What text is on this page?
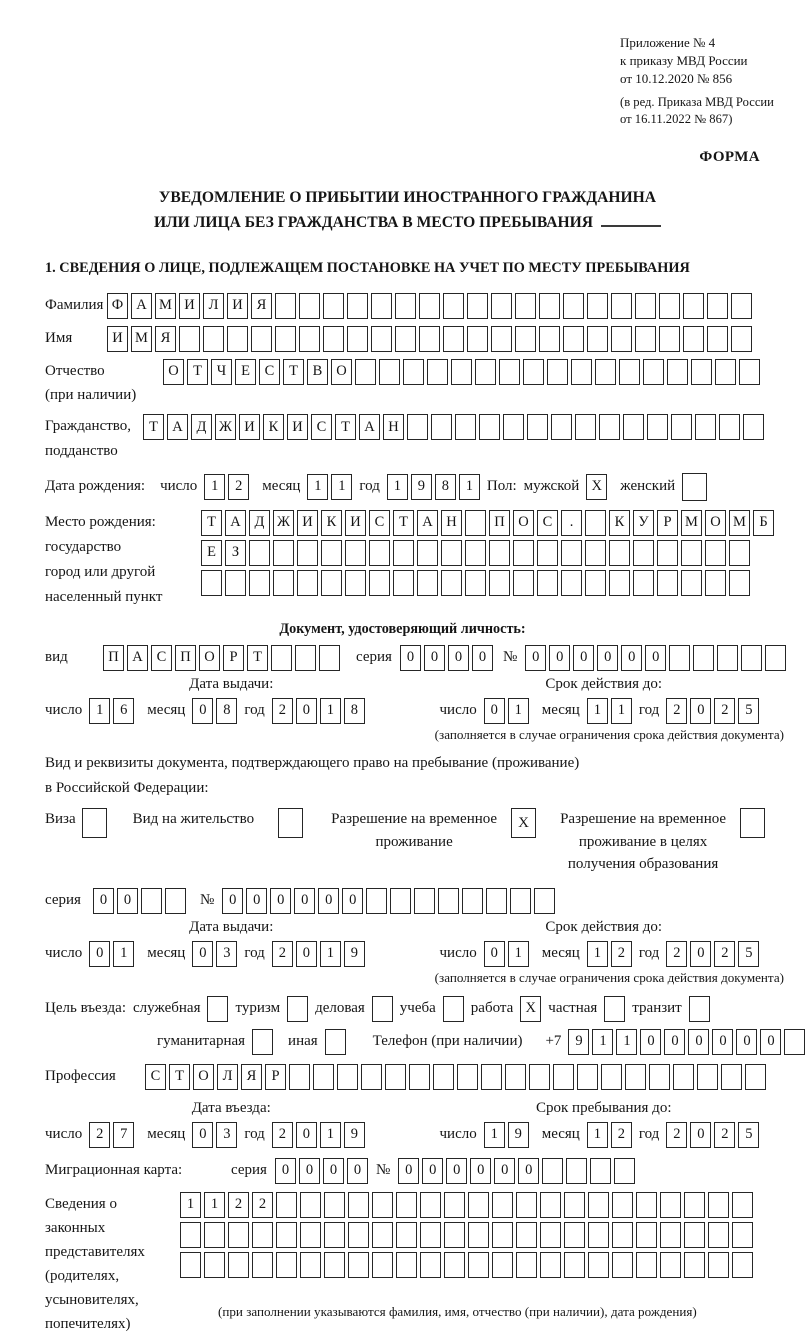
Приложение № 4
к приказу МВД России
от 10.12.2020 № 856
(в ред. Приказа МВД России
от 16.11.2022 № 867)
ФОРМА
УВЕДОМЛЕНИЕ О ПРИБЫТИИ ИНОСТРАННОГО ГРАЖДАНИНА
ИЛИ ЛИЦА БЕЗ ГРАЖДАНСТВА В МЕСТО ПРЕБЫВАНИЯ
1. СВЕДЕНИЯ О ЛИЦЕ, ПОДЛЕЖАЩЕМ ПОСТАНОВКЕ НА УЧЕТ ПО МЕСТУ ПРЕБЫВАНИЯ
Фамилия Ф А М И Л И Я
Имя	И М Я
Отчество
(при наличии)
О Т	Ч	Е	С	Т	В О
Гражданство,
подданство
Т А Д Ж И К И С	Т А Н
Дата рождения: число 1	2	месяц 1	1 год 1	9	8	1 Пол: мужской X	женский
Место рождения:
государство
город или другой
населенный пункт
Т А Д Ж И К И С	Т А Н	П О С	.	К У	Р М О М Б
Е	З
Документ, удостоверяющий личность:
вид	П А С П О	Р	Т	серия	0	0	0	0	№	0	0	0	0	0	0
Дата выдачи:	Срок действия до:
число 1	6	месяц 0	8 год 2	0	1	8	число 0	1	месяц 1	1 год 2	0	2	5
(заполняется в случае ограничения срока действия документа)
Вид и реквизиты документа, подтверждающего право на пребывание (проживание)
в Российской Федерации:
Виза	Вид на жительство	Разрешение на временное
проживание
X	Разрешение на временное
проживание в целях
получения образования
серия	0	0	№	0	0	0	0	0	0
Дата выдачи:	Срок действия до:
число 0	1	месяц 0	3 год 2	0	1	9	число 0	1	месяц 1	2 год 2	0	2	5
(заполняется в случае ограничения срока действия документа)
Цель въезда: служебная туризм деловая учеба работа X частная транзит
гуманитарная	иная	Телефон (при наличии) +7 9	1	1	0	0	0	0	0	0
Профессия	С	Т О Л Я	Р
Дата въезда:	Срок пребывания до:
число 2	7	месяц 0	3 год 2	0	1	9	число 1	9	месяц 1	2 год 2	0	2	5
Миграционная карта:	серия	0	0	0	0 №	0	0	0	0	0	0
Сведения о
законных
представителях
(родителях,
усыновителях,
попечителях)
1	1	2	2
(при заполнении указываются фамилия, имя, отчество (при наличии), дата рождения)
